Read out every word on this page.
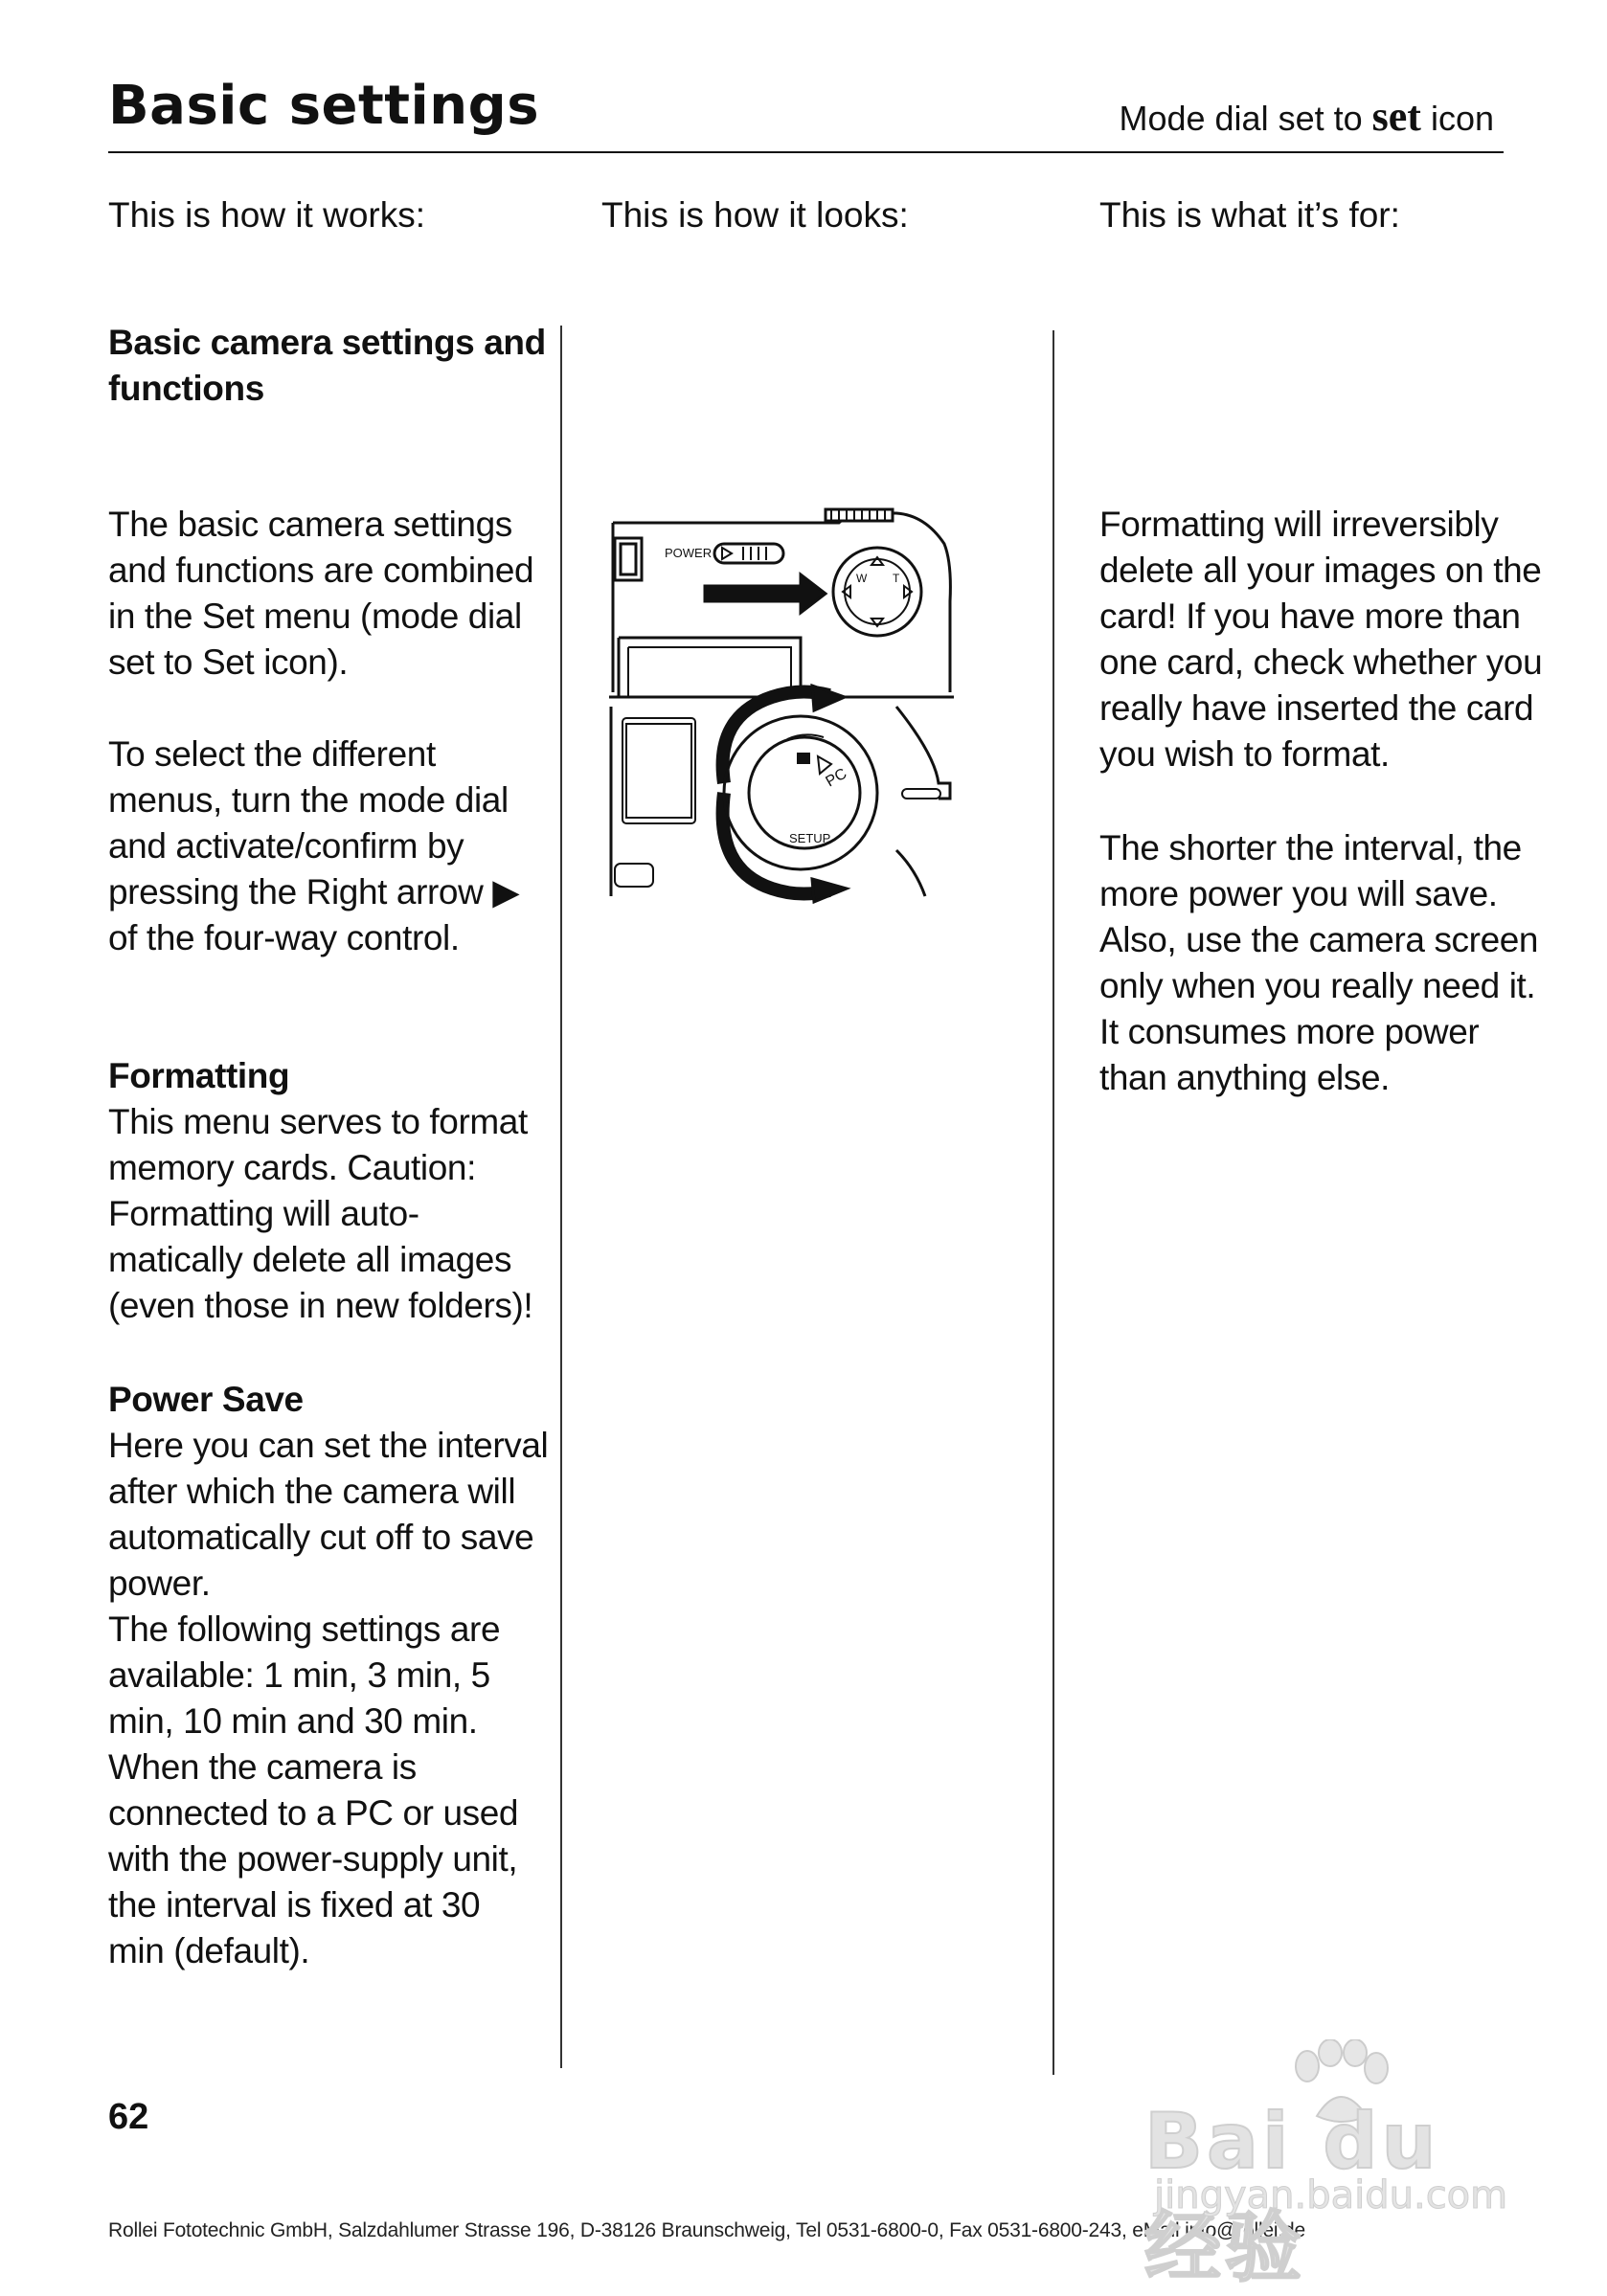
Basic settings	Mode dial set to set icon
This is how it works:	This is how it looks:	This is what it’s for:
Basic camera settings and
functions
The basic camera settings
and functions are combined
in the Set menu (mode dial
set to Set icon).
To select the different
menus, turn the mode dial
and activate/confirm by
pressing the Right arrow ▶
of the four-way control.
Formatting
This menu serves to format
memory cards. Caution:
Formatting will auto-
matically delete all images
(even those in new folders)!
Power Save
Here you can set the interval
after which the camera will
automatically cut off to save
power.
The following settings are
available: 1 min, 3 min, 5
min, 10 min and 30 min.
When the camera is
connected to a PC or used
with the power-supply unit,
the interval is fixed at 30
min (default).
POWER
W T
PC
SETUP
Formatting will irreversibly
delete all your images on the
card! If you have more than
one card, check whether you
really have inserted the card
you wish to format.
The shorter the interval, the
more power you will save.
Also, use the camera screen
only when you really need it.
It consumes more power
than anything else.
62
Rollei Fototechnic GmbH, Salzdahlumer Strasse 196, D-38126 Braunschweig, Tel 0531-6800-0, Fax 0531-6800-243, eMail info@rollei.de
Bai du 经验
jingyan.baidu.com
